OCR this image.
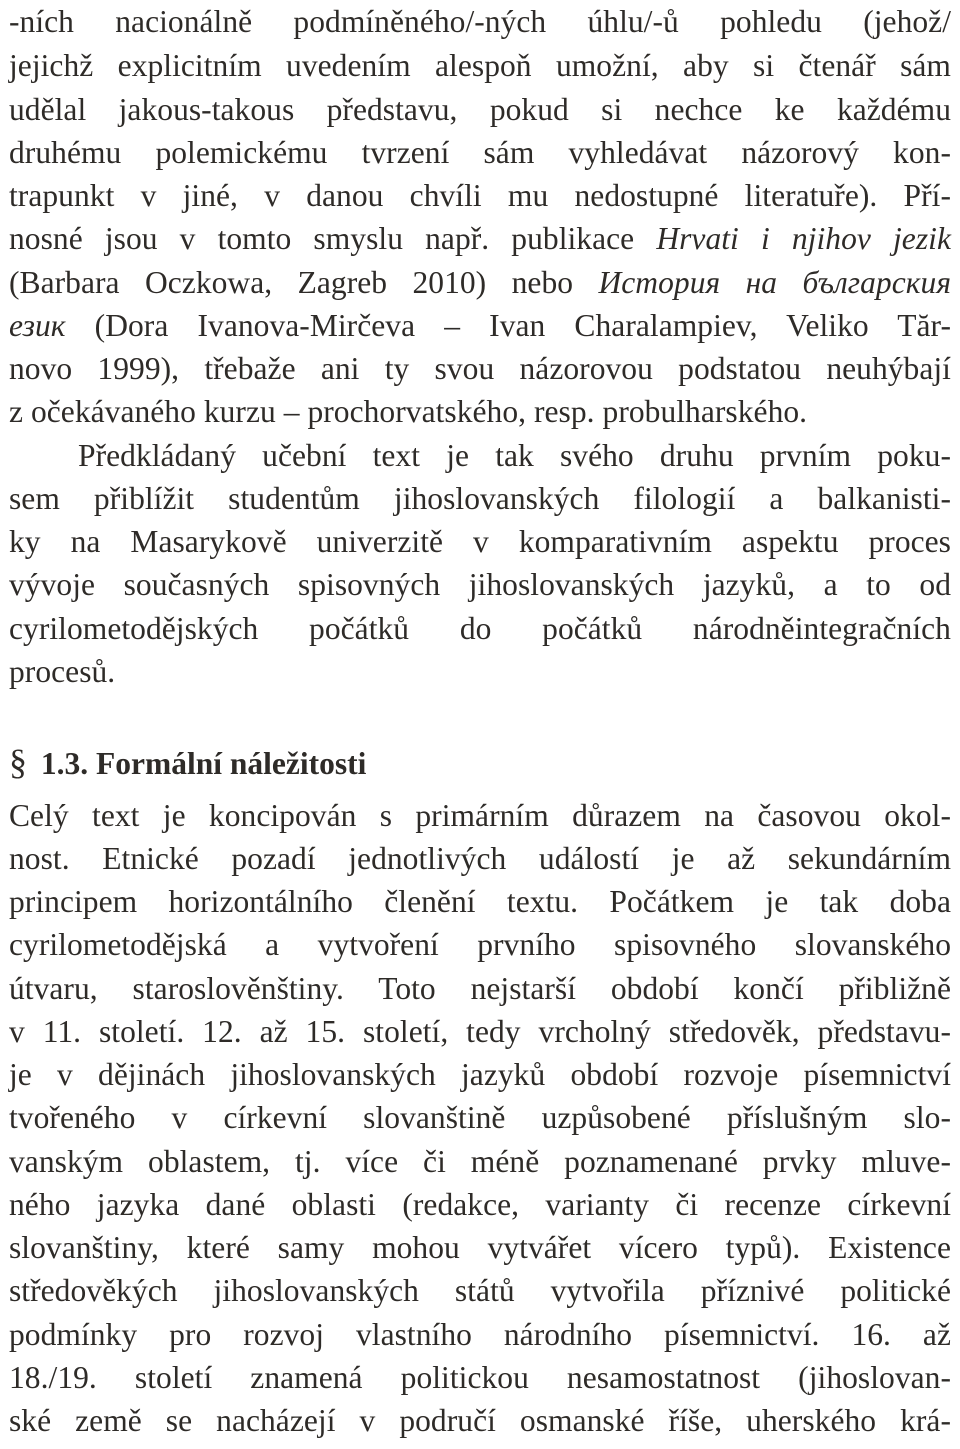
-ních nacionálně podmíněného/-ných úhlu/-ů pohledu (jehož/
jejichž explicitním uvedením alespoň umožní, aby si čtenář sám
udělal jakous-takous představu, pokud si nechce ke každému
druhému polemickému tvrzení sám vyhledávat názorový kon-
trapunkt v jiné, v danou chvíli mu nedostupné literatuře). Pří-
nosné jsou v tomto smyslu např. publikace Hrvati i njihov jezik
(Barbara Oczkowa, Zagreb 2010) nebo История на българския
език (Dora Ivanova-Mirčeva – Ivan Charalampiev, Veliko Tăr-
novo 1999), třebaže ani ty svou názorovou podstatou neuhýbají
z očekávaného kurzu – prochorvatského, resp. probulharského.
Předkládaný učební text je tak svého druhu prvním poku-
sem přiblížit studentům jihoslovanských filologií a balkanisti-
ky na Masarykově univerzitě v komparativním aspektu proces
vývoje současných spisovných jihoslovanských jazyků, a to od
cyrilometodějských počátků do počátků národněintegračních
procesů.
§ 1.3. Formální náležitosti
Celý text je koncipován s primárním důrazem na časovou okol-
nost. Etnické pozadí jednotlivých událostí je až sekundárním
principem horizontálního členění textu. Počátkem je tak doba
cyrilometodějská a vytvoření prvního spisovného slovanského
útvaru, staroslověnštiny. Toto nejstarší období končí přibližně
v 11. století. 12. až 15. století, tedy vrcholný středověk, představu-
je v dějinách jihoslovanských jazyků období rozvoje písemnictví
tvořeného v církevní slovanštině uzpůsobené příslušným slo-
vanským oblastem, tj. více či méně poznamenané prvky mluve-
ného jazyka dané oblasti (redakce, varianty či recenze církevní
slovanštiny, které samy mohou vytvářet vícero typů). Existence
středověkých jihoslovanských států vytvořila příznivé politické
podmínky pro rozvoj vlastního národního písemnictví. 16. až
18./19. století znamená politickou nesamostatnost (jihoslovan-
ské země se nacházejí v područí osmanské říše, uherského krá-
